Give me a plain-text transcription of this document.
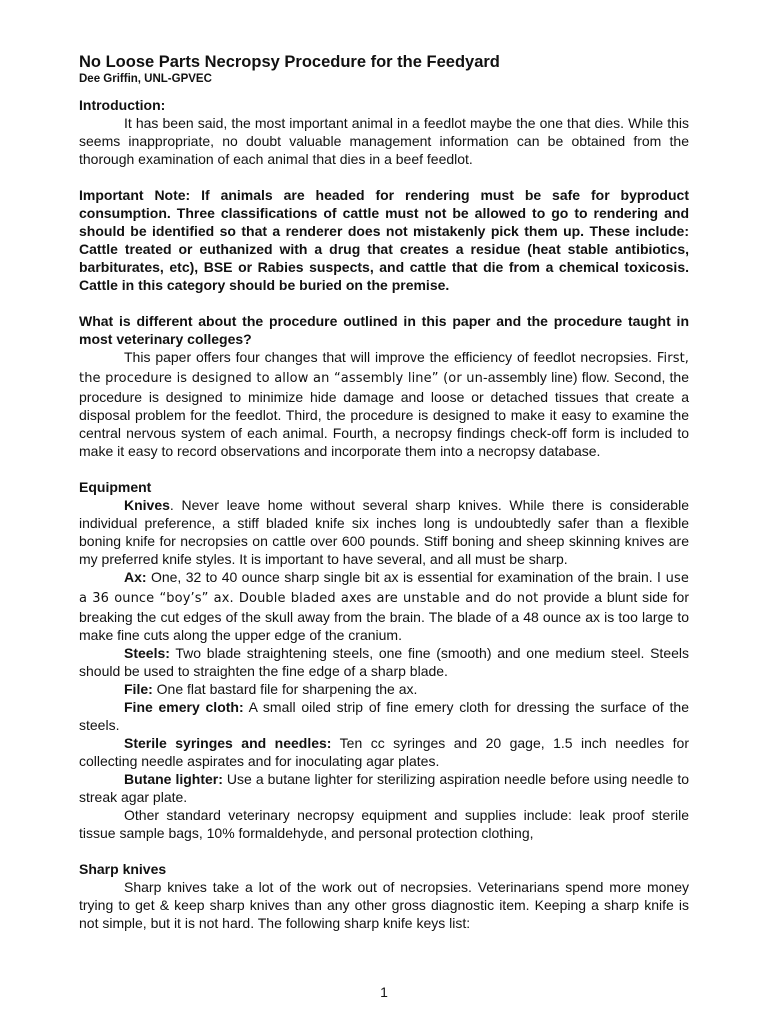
No Loose Parts Necropsy Procedure for the Feedyard
Dee Griffin, UNL-GPVEC
Introduction:

It has been said, the most important animal in a feedlot maybe the one that dies. While this seems inappropriate, no doubt valuable management information can be obtained from the thorough examination of each animal that dies in a beef feedlot.

Important Note: If animals are headed for rendering must be safe for byproduct consumption. Three classifications of cattle must not be allowed to go to rendering and should be identified so that a renderer does not mistakenly pick them up. These include: Cattle treated or euthanized with a drug that creates a residue (heat stable antibiotics, barbiturates, etc), BSE or Rabies suspects, and cattle that die from a chemical toxicosis. Cattle in this category should be buried on the premise.

What is different about the procedure outlined in this paper and the procedure taught in most veterinary colleges?

This paper offers four changes that will improve the efficiency of feedlot necropsies. First, the procedure is designed to allow an “assembly line” (or un-assembly line) flow. Second, the procedure is designed to minimize hide damage and loose or detached tissues that create a disposal problem for the feedlot. Third, the procedure is designed to make it easy to examine the central nervous system of each animal. Fourth, a necropsy findings check-off form is included to make it easy to record observations and incorporate them into a necropsy database.

Equipment

Knives. Never leave home without several sharp knives. While there is considerable individual preference, a stiff bladed knife six inches long is undoubtedly safer than a flexible boning knife for necropsies on cattle over 600 pounds. Stiff boning and sheep skinning knives are my preferred knife styles. It is important to have several, and all must be sharp.

Ax: One, 32 to 40 ounce sharp single bit ax is essential for examination of the brain. I use a 36 ounce “boy’s” ax. Double bladed axes are unstable and do not provide a blunt side for breaking the cut edges of the skull away from the brain. The blade of a 48 ounce ax is too large to make fine cuts along the upper edge of the cranium.

Steels: Two blade straightening steels, one fine (smooth) and one medium steel. Steels should be used to straighten the fine edge of a sharp blade.

File: One flat bastard file for sharpening the ax.

Fine emery cloth: A small oiled strip of fine emery cloth for dressing the surface of the steels.

Sterile syringes and needles: Ten cc syringes and 20 gage, 1.5 inch needles for collecting needle aspirates and for inoculating agar plates.

Butane lighter: Use a butane lighter for sterilizing aspiration needle before using needle to streak agar plate.

Other standard veterinary necropsy equipment and supplies include: leak proof sterile tissue sample bags, 10% formaldehyde, and personal protection clothing,

Sharp knives

Sharp knives take a lot of the work out of necropsies. Veterinarians spend more money trying to get & keep sharp knives than any other gross diagnostic item. Keeping a sharp knife is not simple, but it is not hard. The following sharp knife keys list:

1
